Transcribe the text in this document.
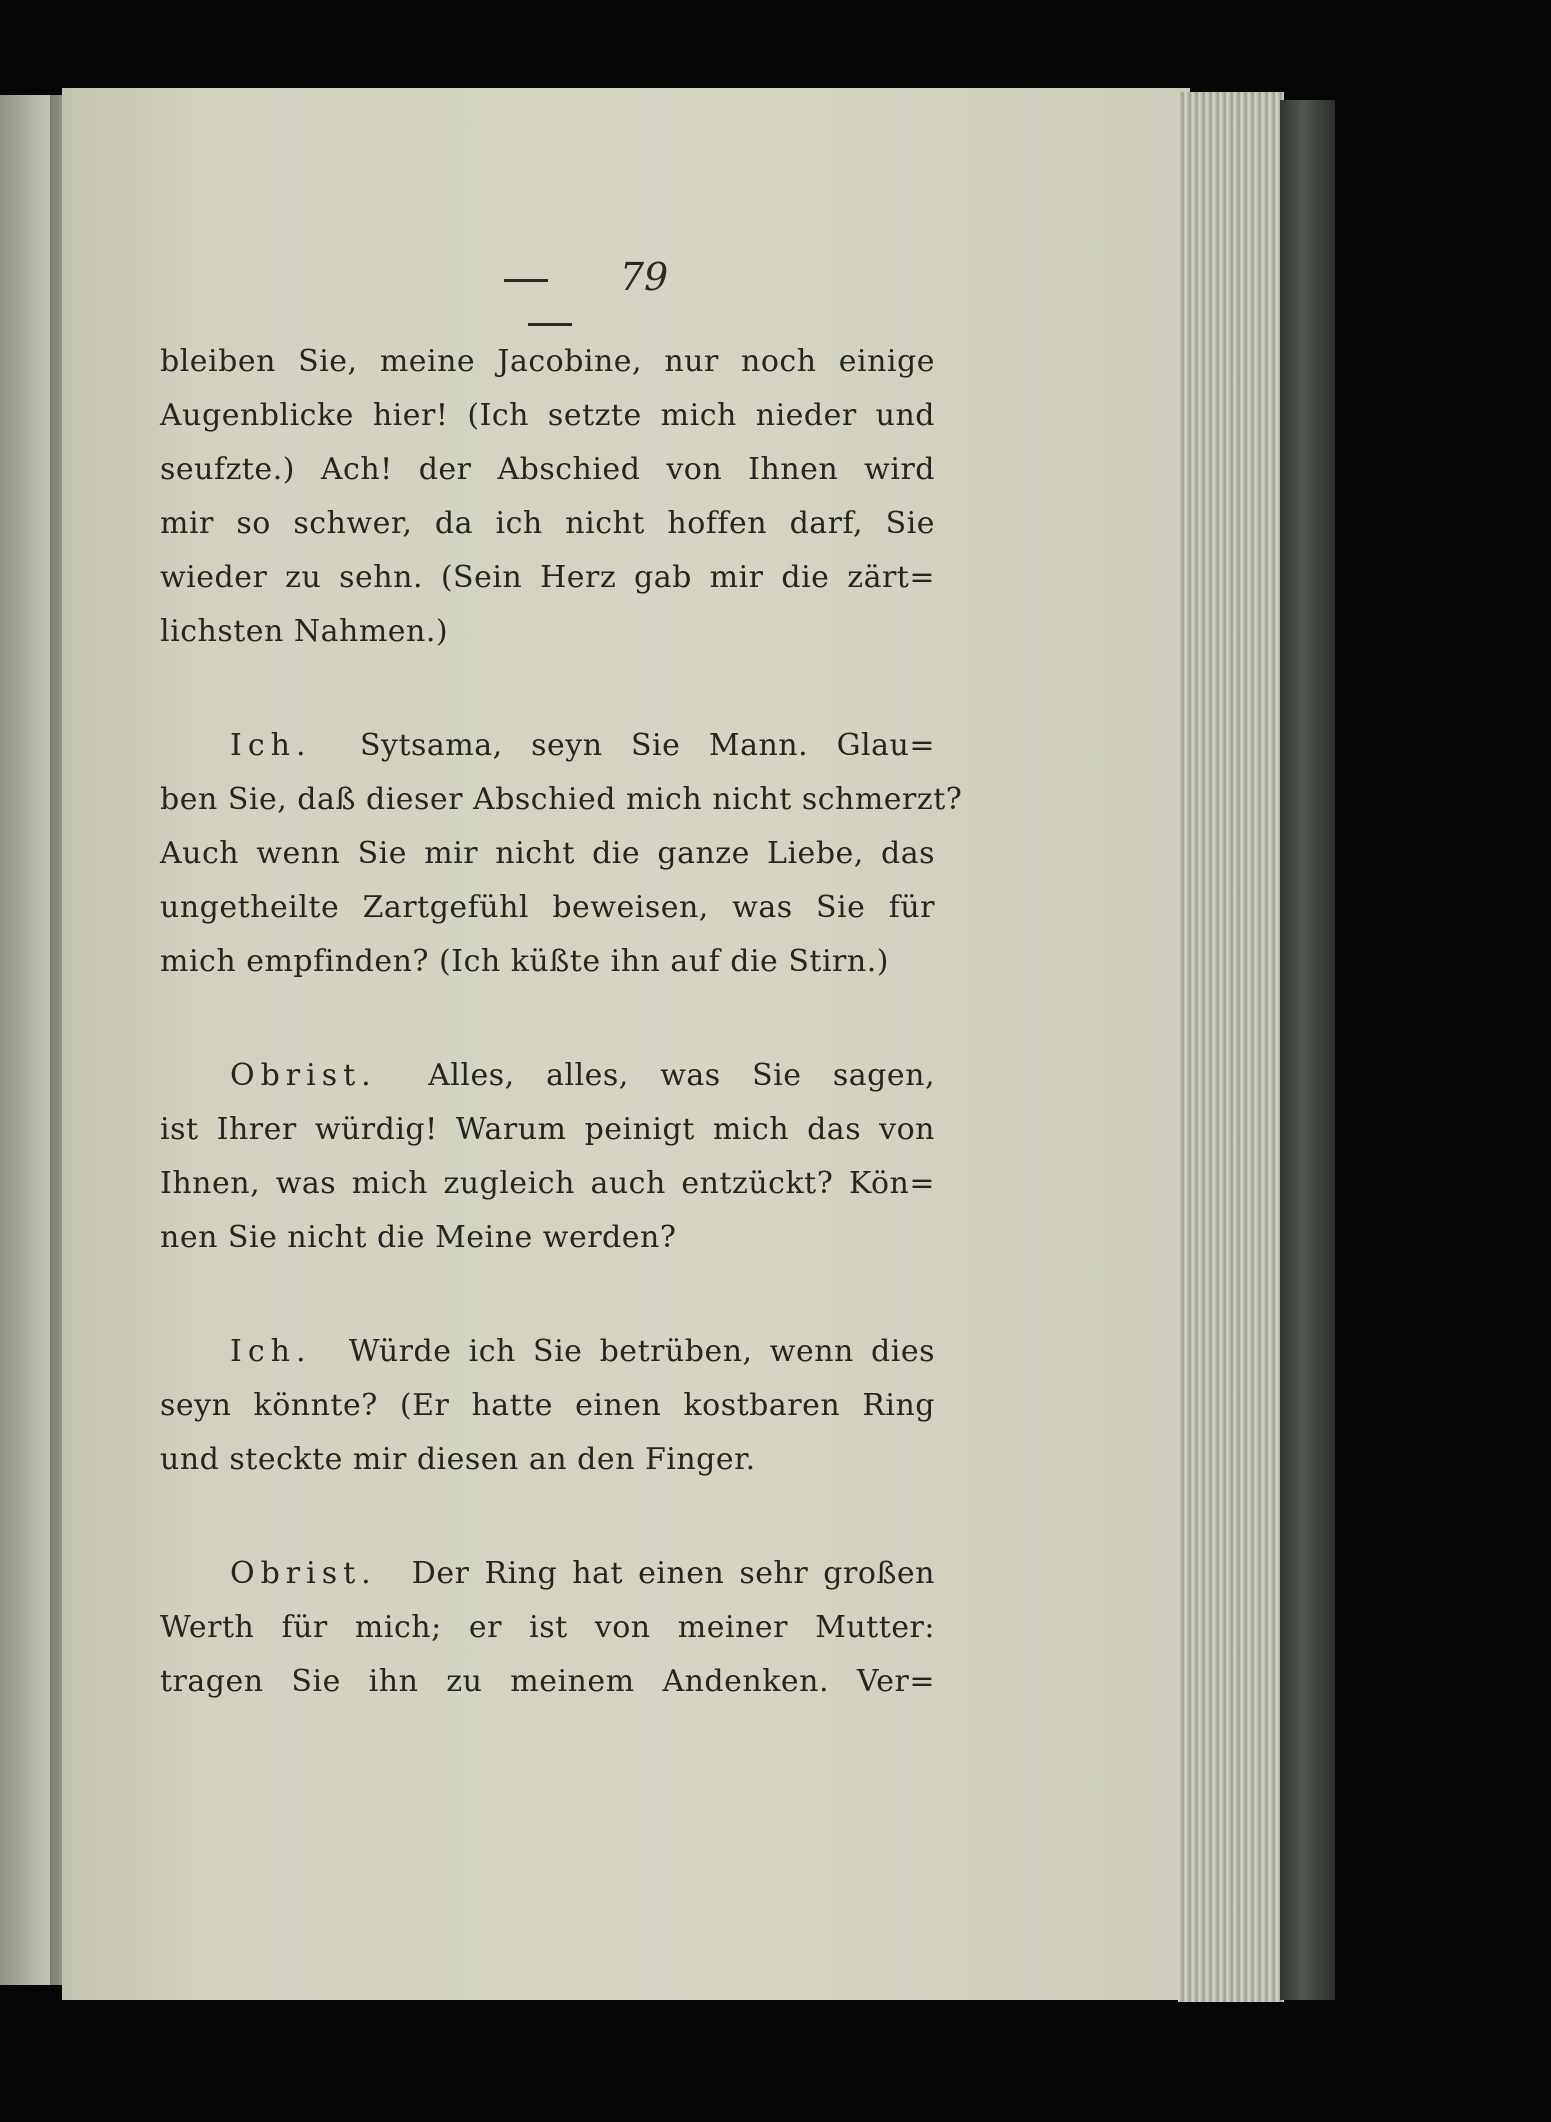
79
bleiben Sie, meine Jacobine, nur noch einige
Augenblicke hier! (Ich setzte mich nieder und
seufzte.) Ach! der Abschied von Ihnen wird
mir so schwer, da ich nicht hoffen darf, Sie
wieder zu sehn. (Sein Herz gab mir die zärt=
lichsten Nahmen.)
Ich. Sytsama, seyn Sie Mann. Glau=
ben Sie, daß dieser Abschied mich nicht schmerzt?
Auch wenn Sie mir nicht die ganze Liebe, das
ungetheilte Zartgefühl beweisen, was Sie für
mich empfinden? (Ich küßte ihn auf die Stirn.)
Obrist. Alles, alles, was Sie sagen,
ist Ihrer würdig! Warum peinigt mich das von
Ihnen, was mich zugleich auch entzückt? Kön=
nen Sie nicht die Meine werden?
Ich. Würde ich Sie betrüben, wenn dies
seyn könnte? (Er hatte einen kostbaren Ring
und steckte mir diesen an den Finger.
Obrist. Der Ring hat einen sehr großen
Werth für mich; er ist von meiner Mutter:
tragen Sie ihn zu meinem Andenken. Ver=
